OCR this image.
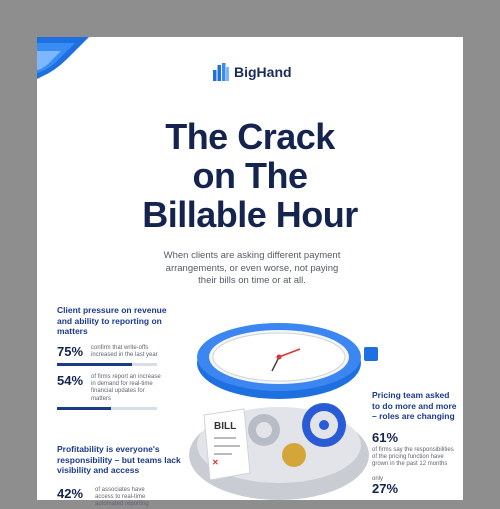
BigHand
The Crack
on The
Billable Hour
When clients are asking different payment arrangements, or even worse, not paying their bills on time or at all.
Client pressure on revenue and ability to reporting on matters
75%	confirm that write-offs increased in the last year
54%	of firms report an increase in demand for real-time financial updates for matters
Profitability is everyone's responsibility – but teams lack visibility and access
42%	of associates have access to real-time automated reporting
BILL
✕
Pricing team asked to do more and more – roles are changing
61%
of firms say the responsibilities of the pricing function have grown in the past 12 months
only
27%
